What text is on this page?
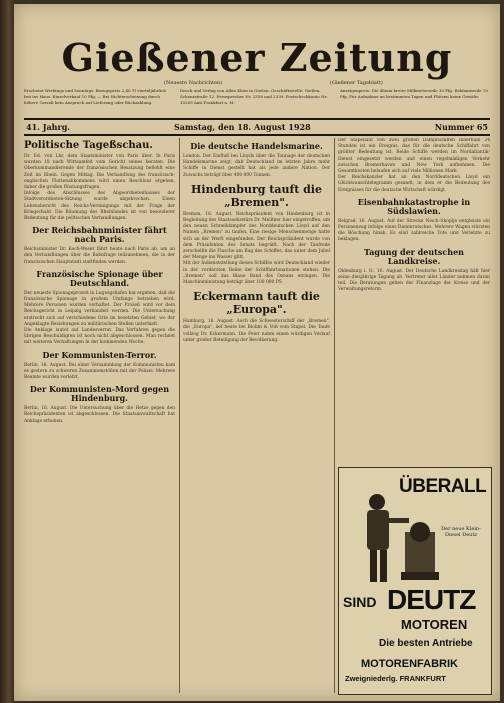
Gießener Zeitung
(Neueste Nachrichten)	(Gießener Tageblatt)
Erscheint Werktags und Sonntags. Bezugspreis 2,40 ℳ vierteljährlich frei ins Haus. Einzelverkauf 10 Pfg. — Bei Nichterscheinung durch höhere Gewalt kein Anspruch auf Lieferung oder Rückzahlung.
Druck und Verlag von Albin Klein in Gießen. Geschäftsstelle: Gießen, Schanzstraße 12. Fernsprecher Nr. 2338 und 2339. Postscheckkonto Nr. 10209 Amt Frankfurt a. M.
Anzeigenpreis: Die 46mm breite Millimeterzeile 10 Pfg. Reklamezeile 75 Pfg. Für Aufnahme an bestimmten Tagen und Plätzen keine Gewähr.
41. Jahrg.	Samstag, den 18. August 1928	Nummer 65
Politische Tageßschau.

Dr. Ed. von Lhr, dem Staatsminister von Paris über. In Paris wurden 18 nach Wirtsamfeit vom Gericht seines beraten. Die Oberkommandierende der französischen Besatzung befiehlt eine Zeit im Rhein. Gegen Mittag. Die Verhandlung des französisch-englischen Flottenabkommens wird einen Beschluss ergeben, daher die großen Rüstungsfragen.

Infolge des Abschlusses des Abgeordnetenhauses der Stadtverordneten-Sitzung wurde abgebrochen. Einen Lebensbericht des Reichs-Vereinigungs mit der Frage der Kriegschuld. Die Räumung des Rheinlandes ist von besonderer Bedeutung für die politischen Verhandlungen.

Der Reichsbahnminister fährt nach Paris.

Reichsminister Dr. Koch-Weser fährt heute nach Paris ab, um an den Verhandlungen über die Bahnfrage teilzunehmen, die in der französischen Hauptstadt stattfinden werden.

Französische Spionage über Deutschland.

Der neueste Spionageprozeß in Lugwigshafen hat ergeben, daß die französische Spionage in großem Umfange betrieben wird. Mehrere Personen wurden verhaftet. Der Prozeß wird vor dem Reichsgericht in Leipzig verhandelt werden. Die Untersuchung erstreckt sich auf verschiedene Orte im besetzten Gebiet, wo der Angeklagte Beziehungen zu militärischen Stellen unterhielt.

Die Anklage lautet auf Landesverrat. Das Verfahren gegen die übrigen Beschuldigten ist noch nicht abgeschlossen. Man rechnet mit weiteren Verhaftungen in der kommenden Woche.

Der Kommunisten-Terror.

Berlin, 16. August. Bei einer Versammlung der Kommunisten kam es gestern zu schweren Zusammenstößen mit der Polizei. Mehrere Beamte wurden verletzt.

Der Kommunisten-Mord gegen Hindenburg.

Berlin, 16. August. Die Untersuchung über die Hetze gegen den Reichspräsidenten ist abgeschlossen. Die Staatsanwaltschaft hat Anklage erhoben.

Die deutsche Handelsmarine.

London. Der Einfluß bei Lloyds über die Tonnage der deutschen Handelsmarine zeigt, daß Deutschland im letzten Jahre mehr Schiffe in Dienst gestellt hat als jede andere Nation. Der Zuwachs beträgt über 400 000 Tonnen.

Hindenburg tauft die „Bremen".

Bremen, 16. August. Reichspräsident von Hindenburg ist in Begleitung des Staatssekretärs Dr. Meißner hier eingetroffen, um den neuen Schnelldampfer des Norddeutschen Lloyd auf den Namen „Bremen" zu taufen. Eine riesige Menschenmenge hatte sich an der Werft eingefunden. Der Reichspräsident wurde von dem Präsidenten des Senats begrüßt. Nach der Taufrede zerschellte die Flasche am Bug des Schiffes, das unter dem Jubel der Menge ins Wasser glitt.

Mit der Indienststellung dieses Schiffes wird Deutschland wieder in der vordersten Reihe der Schiffahrtsnationen stehen. Die „Bremen" soll das Blaue Band des Ozeans erringen. Die Maschinenleistung beträgt über 100 000 PS.

Eckermann tauft die „Europa".

Hamburg, 16. August. Auch die Schwesterschiff der „Bremen", die „Europa", lief heute bei Blohm & Voß vom Stapel. Die Taufe vollzog Dr. Eckermann. Die Feier nahm einen würdigen Verlauf unter großer Beteiligung der Bevölkerung.

Der Stapellauf von zwei großen Dampfschiffen innerhalb 24 Stunden ist ein Ereignis, das für die deutsche Schiffahrt von größter Bedeutung ist. Beide Schiffe werden im Nordatlantik-Dienst eingesetzt werden und einen regelmäßigen Verkehr zwischen Bremerhaven und New York aufnehmen. Die Gesamtkosten belaufen sich auf viele Millionen Mark.

Der Reichskanzler hat an den Norddeutschen Lloyd ein Glückwunschtelegramm gesandt, in dem er die Bedeutung des Ereignisses für die deutsche Wirtschaft würdigt.

Eisenbahnkatastrophe in Südslawien.

Belgrad, 16. August. Auf der Strecke Nisch–Skoplje entgleiste ein Personenzug infolge eines Dammrutsches. Mehrere Wagen stürzten die Böschung hinab. Es sind zahlreiche Tote und Verletzte zu beklagen.

Tagung der deutschen Landkreise.

Oldenburg i. O., 16. August. Der Deutsche Landkreistag hält hier seine diesjährige Tagung ab. Vertreter aller Länder nehmen daran teil. Die Beratungen gelten der Finanzlage der Kreise und der Verwaltungsreform.

ÜBERALL
Der neue Klein-Diesel Deutz
SIND DEUTZ
MOTOREN
Die besten Antriebe
MOTORENFABRIK
Zweigniederlg. FRANKFURT
